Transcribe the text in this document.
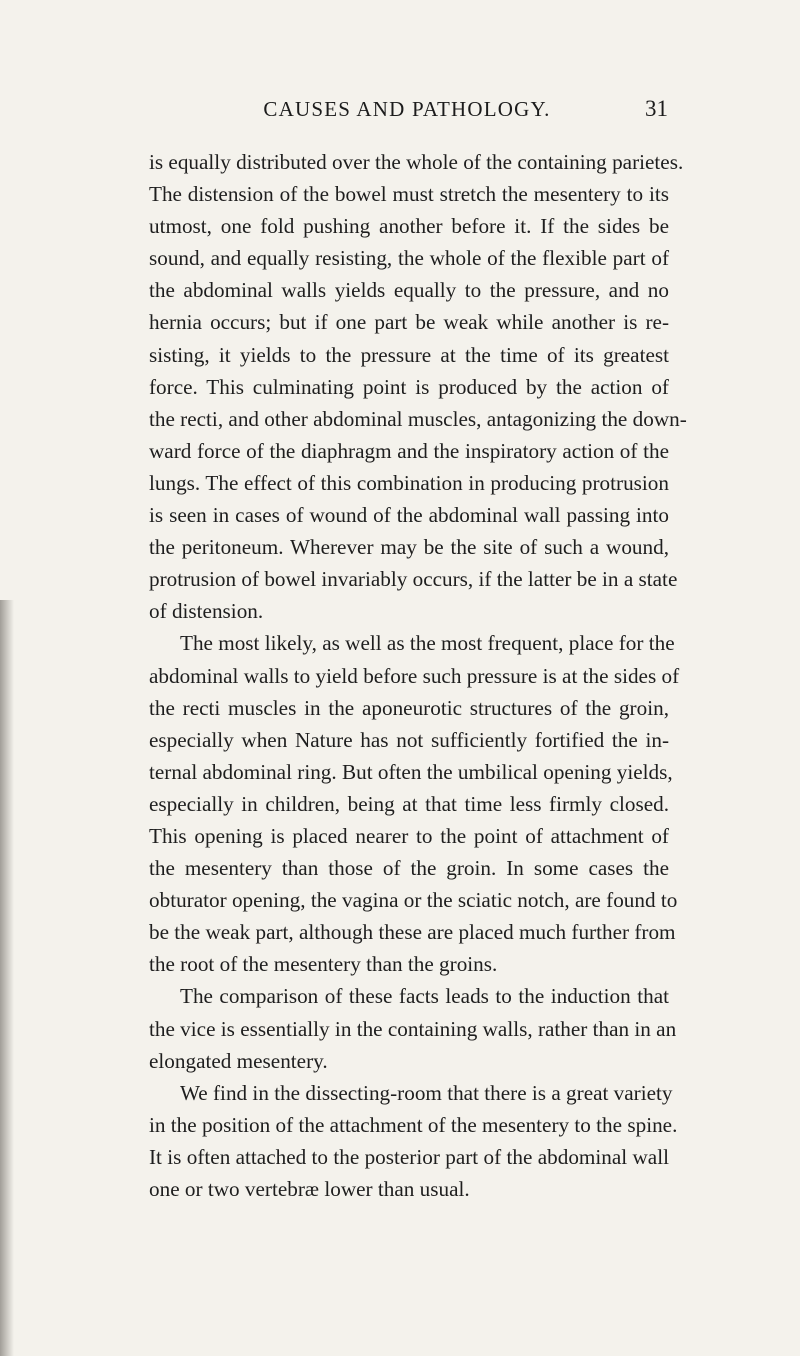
CAUSES AND PATHOLOGY.	31
is equally distributed over the whole of the containing parietes.
The distension of the bowel must stretch the mesentery to its
utmost, one fold pushing another before it. If the sides be
sound, and equally resisting, the whole of the flexible part of
the abdominal walls yields equally to the pressure, and no
hernia occurs; but if one part be weak while another is re-
sisting, it yields to the pressure at the time of its greatest
force. This culminating point is produced by the action of
the recti, and other abdominal muscles, antagonizing the down-
ward force of the diaphragm and the inspiratory action of the
lungs. The effect of this combination in producing protrusion
is seen in cases of wound of the abdominal wall passing into
the peritoneum. Wherever may be the site of such a wound,
protrusion of bowel invariably occurs, if the latter be in a state
of distension.
The most likely, as well as the most frequent, place for the
abdominal walls to yield before such pressure is at the sides of
the recti muscles in the aponeurotic structures of the groin,
especially when Nature has not sufficiently fortified the in-
ternal abdominal ring. But often the umbilical opening yields,
especially in children, being at that time less firmly closed.
This opening is placed nearer to the point of attachment of
the mesentery than those of the groin. In some cases the
obturator opening, the vagina or the sciatic notch, are found to
be the weak part, although these are placed much further from
the root of the mesentery than the groins.
The comparison of these facts leads to the induction that
the vice is essentially in the containing walls, rather than in an
elongated mesentery.
We find in the dissecting-room that there is a great variety
in the position of the attachment of the mesentery to the spine.
It is often attached to the posterior part of the abdominal wall
one or two vertebræ lower than usual.
